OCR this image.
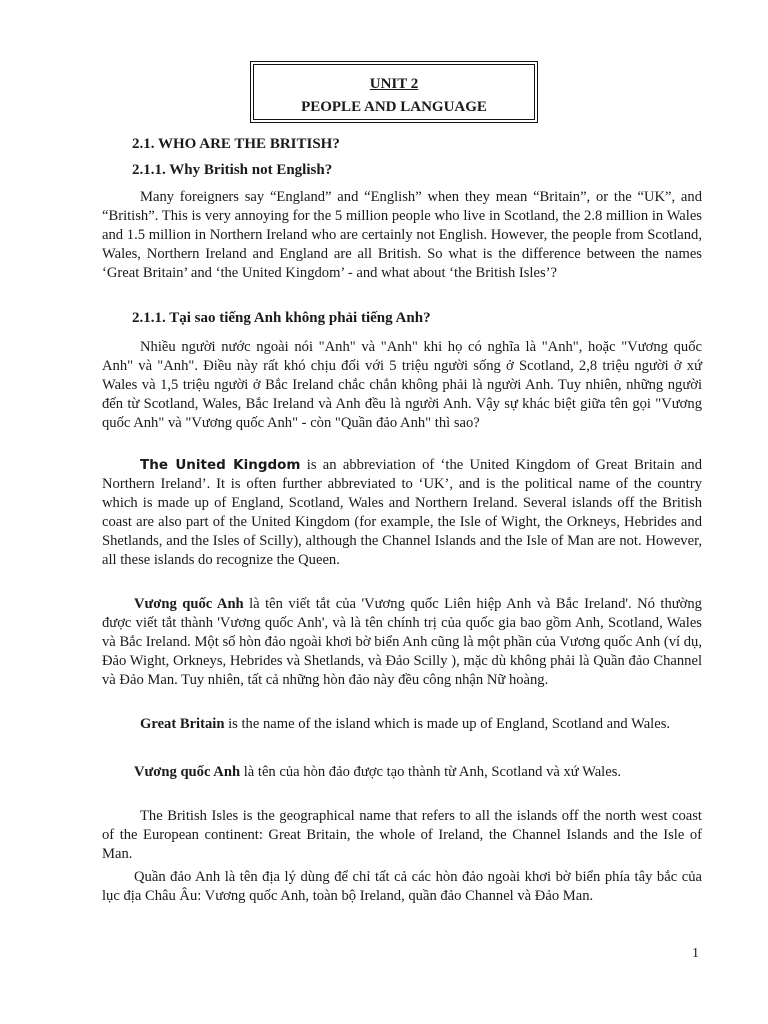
UNIT 2
PEOPLE AND LANGUAGE
2.1. WHO ARE THE BRITISH?
2.1.1. Why British not English?

Many foreigners say “England” and “English” when they mean “Britain”, or the “UK”, and “British”. This is very annoying for the 5 million people who live in Scotland, the 2.8 million in Wales and 1.5 million in Northern Ireland who are certainly not English. However, the people from Scotland, Wales, Northern Ireland and England are all British. So what is the difference between the names ‘Great Britain’ and ‘the United Kingdom’ - and what about ‘the British Isles’?

2.1.1. Tại sao tiếng Anh không phải tiếng Anh?

Nhiều người nước ngoài nói "Anh" và "Anh" khi họ có nghĩa là "Anh", hoặc "Vương quốc Anh" và "Anh". Điều này rất khó chịu đối với 5 triệu người sống ở Scotland, 2,8 triệu người ở xứ Wales và 1,5 triệu người ở Bắc Ireland chắc chắn không phải là người Anh. Tuy nhiên, những người đến từ Scotland, Wales, Bắc Ireland và Anh đều là người Anh. Vậy sự khác biệt giữa tên gọi "Vương quốc Anh" và "Vương quốc Anh" - còn "Quần đảo Anh" thì sao?

The United Kingdom is an abbreviation of ‘the United Kingdom of Great Britain and Northern Ireland’. It is often further abbreviated to ‘UK’, and is the political name of the country which is made up of England, Scotland, Wales and Northern Ireland. Several islands off the British coast are also part of the United Kingdom (for example, the Isle of Wight, the Orkneys, Hebrides and Shetlands, and the Isles of Scilly), although the Channel Islands and the Isle of Man are not. However, all these islands do recognize the Queen.

Vương quốc Anh là tên viết tắt của 'Vương quốc Liên hiệp Anh và Bắc Ireland'. Nó thường được viết tắt thành 'Vương quốc Anh', và là tên chính trị của quốc gia bao gồm Anh, Scotland, Wales và Bắc Ireland. Một số hòn đảo ngoài khơi bờ biển Anh cũng là một phần của Vương quốc Anh (ví dụ, Đảo Wight, Orkneys, Hebrides và Shetlands, và Đảo Scilly ), mặc dù không phải là Quần đảo Channel và Đảo Man. Tuy nhiên, tất cả những hòn đảo này đều công nhận Nữ hoàng.

Great Britain is the name of the island which is made up of England, Scotland and Wales.

Vương quốc Anh là tên của hòn đảo được tạo thành từ Anh, Scotland và xứ Wales.

The British Isles is the geographical name that refers to all the islands off the north west coast of the European continent: Great Britain, the whole of Ireland, the Channel Islands and the Isle of Man.

Quần đảo Anh là tên địa lý dùng để chỉ tất cả các hòn đảo ngoài khơi bờ biển phía tây bắc của lục địa Châu Âu: Vương quốc Anh, toàn bộ Ireland, quần đảo Channel và Đảo Man.

1
